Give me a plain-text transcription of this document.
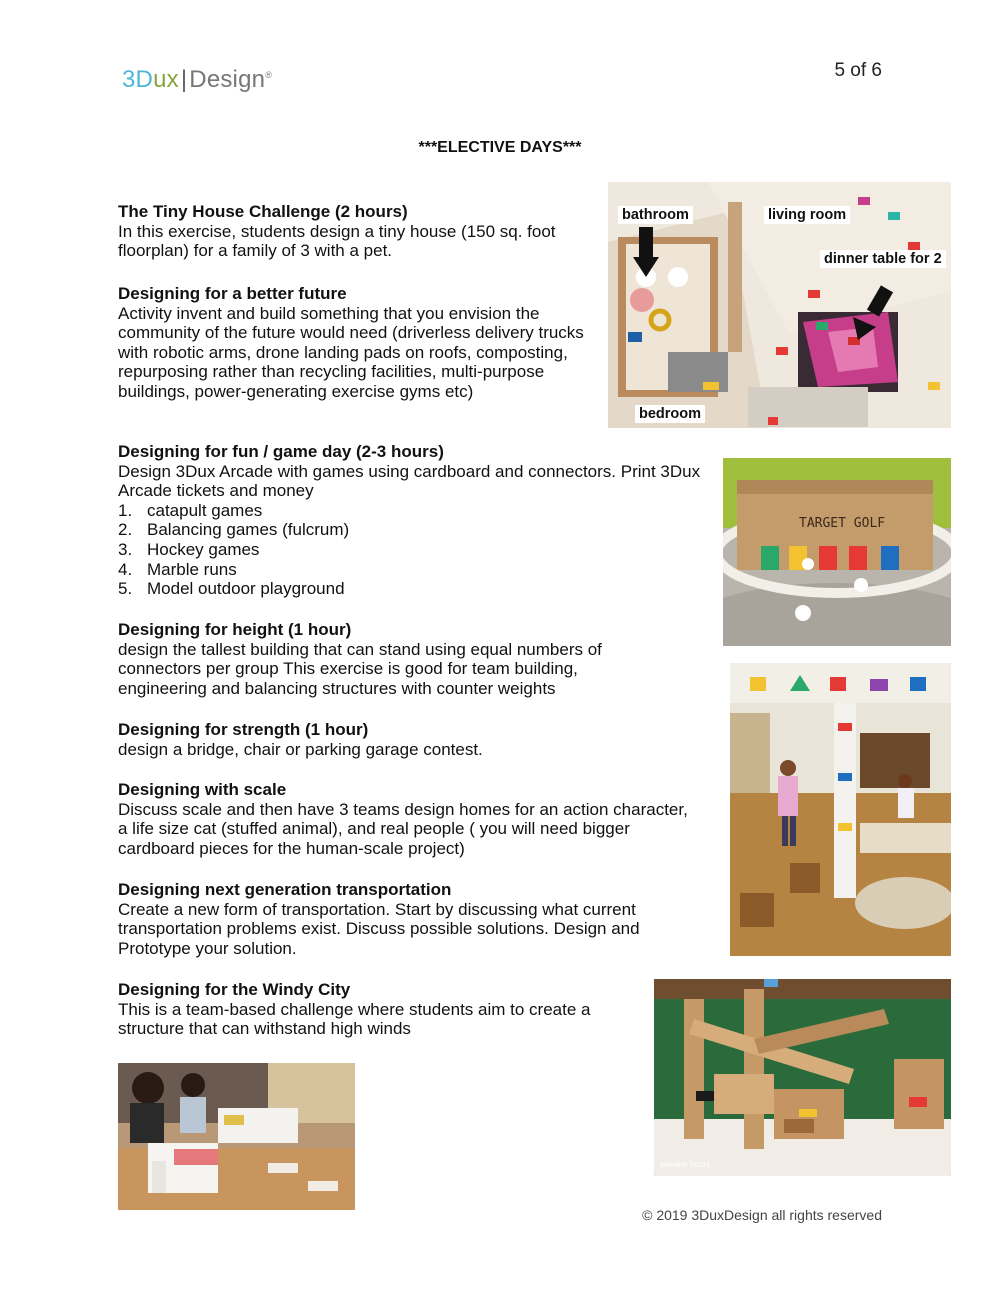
3Dux|Design®	5 of 6
***ELECTIVE DAYS***
The Tiny House Challenge (2 hours)
In this exercise, students design a tiny house (150 sq. foot floorplan) for a family of 3 with a pet.
Designing for a better future
Activity invent and build something that you envision the community of the future would need (driverless delivery trucks with robotic arms, drone landing pads on roofs, composting, repurposing rather than recycling facilities, multi-purpose buildings, power-generating exercise gyms etc)
Designing for fun / game day (2-3 hours)
Design 3Dux Arcade with games using cardboard and connectors. Print 3Dux Arcade tickets and money
1. catapult games
2. Balancing games (fulcrum)
3. Hockey games
4. Marble runs
5. Model outdoor playground
Designing for height (1 hour)
design the tallest building that can stand using equal numbers of connectors per group This exercise is good for team building, engineering and balancing structures with counter weights
Designing for strength (1 hour)
design a bridge, chair or parking garage contest.
Designing with scale
Discuss scale and then have 3 teams design homes for an action character, a life size cat (stuffed animal), and real people ( you will need bigger cardboard pieces for the human-scale project)
Designing next generation transportation
Create a new form of transportation. Start by discussing what current transportation problems exist. Discuss possible solutions. Design and Prototype your solution.
Designing for the Windy City
This is a team-based challenge where students aim to create a structure that can withstand high winds
bathroom	living room
dinner table for 2
bedroom
TARGET GOLF
sweater hours
© 2019 3DuxDesign all rights reserved
